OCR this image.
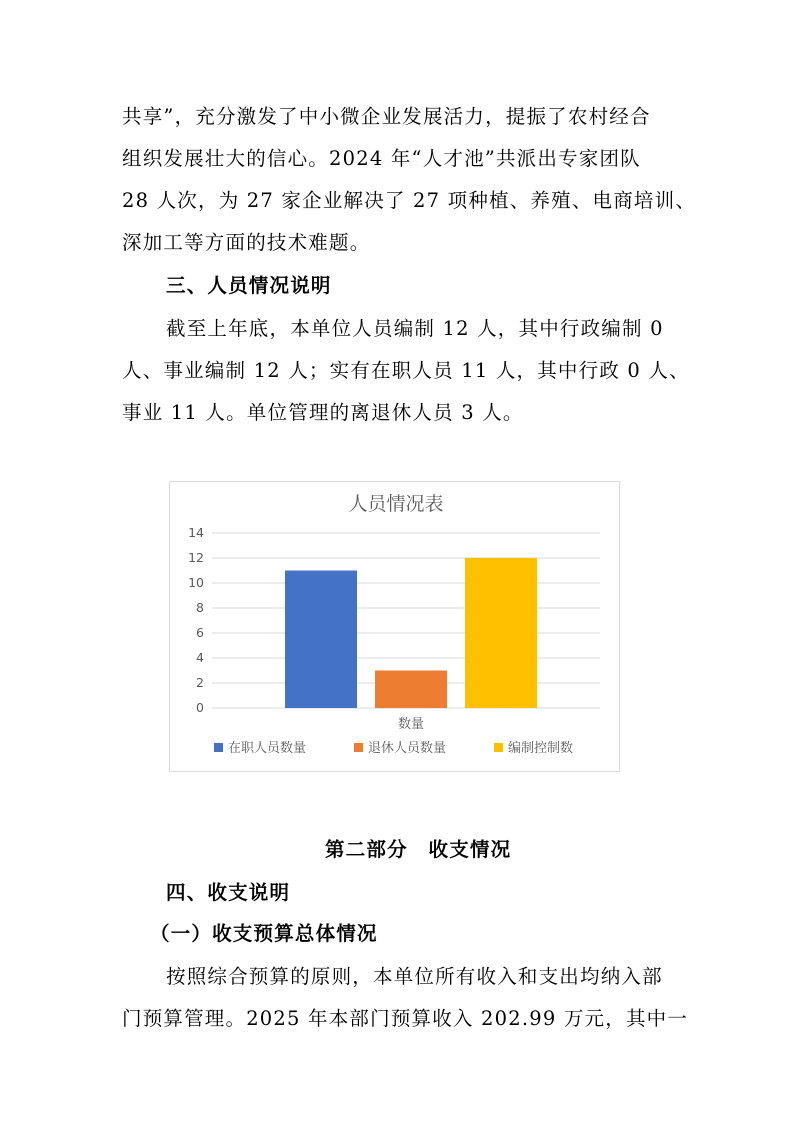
共享”，充分激发了中小微企业发展活力，提振了农村经合
组织发展壮大的信心。2024 年“人才池”共派出专家团队
28 人次，为 27 家企业解决了 27 项种植、养殖、电商培训、
深加工等方面的技术难题。
三、人员情况说明
截至上年底，本单位人员编制 12 人，其中行政编制 0
人、事业编制 12 人；实有在职人员 11 人，其中行政 0 人、
事业 11 人。单位管理的离退休人员 3 人。
人员情况表
0
2
4
6
8
10
12
14
数量
在职人员数量	退休人员数量	编制控制数
第二部分　收支情况
四、收支说明
（一）收支预算总体情况
按照综合预算的原则，本单位所有收入和支出均纳入部
门预算管理。2025 年本部门预算收入 202.99 万元，其中一
